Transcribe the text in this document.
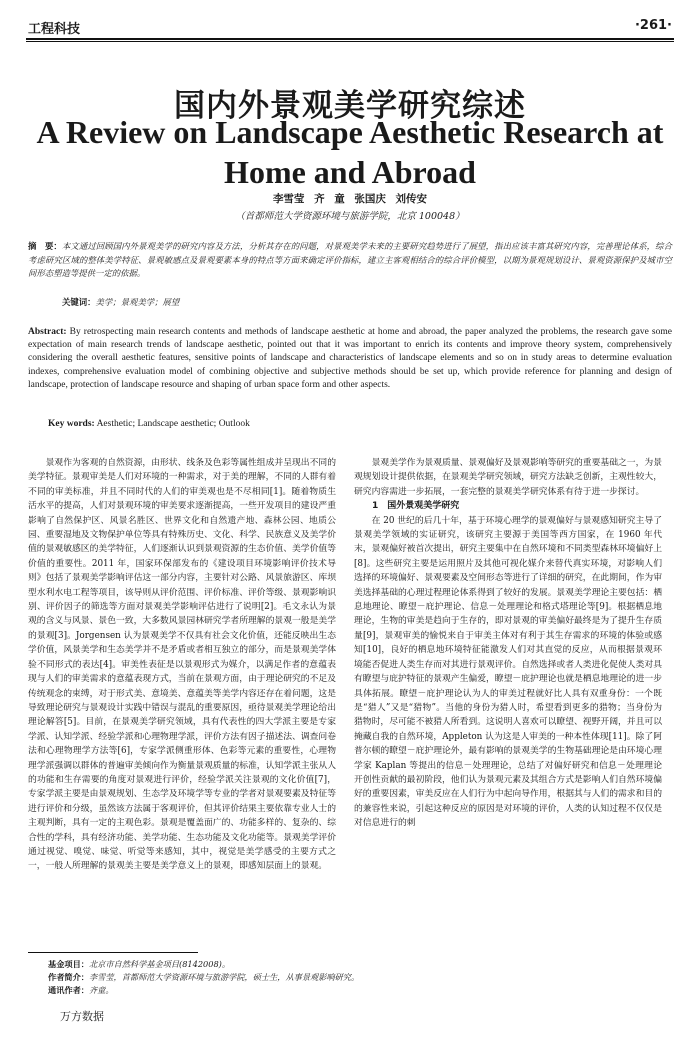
工程科技	·261·
国内外景观美学研究综述
A Review on Landscape Aesthetic Research at Home and Abroad
李雪莹 齐 童 张国庆 刘传安
（首都师范大学资源环境与旅游学院，北京 100048）
摘　要：本文通过回顾国内外景观美学的研究内容及方法，分析其存在的问题，对景观美学未来的主要研究趋势进行了展望，指出应该丰富其研究内容，完善理论体系，综合考虑研究区域的整体美学特征、景观敏感点及景观要素本身的特点等方面来确定评价指标，建立主客观相结合的综合评价模型，以期为景观规划设计、景观资源保护及城市空间形态塑造等提供一定的依据。
关键词：美学；景观美学；展望
Abstract: By retrospecting main research contents and methods of landscape aesthetic at home and abroad, the paper analyzed the problems, the research gave some expectation of main research trends of landscape aesthetic, pointed out that it was important to enrich its contents and improve theory system, comprehensively considering the overall aesthetic features, sensitive points of landscape and characteristics of landscape elements and so on in study areas to determine evaluation indexes, comprehensive evaluation model of combining objective and subjective methods should be set up, which provide reference for planning and design of landscape, protection of landscape resource and shaping of urban space form and other aspects.
Key words: Aesthetic; Landscape aesthetic; Outlook

景观作为客观的自然资源，由形状、线条及色彩等属性组成并呈现出不同的美学特征。景观审美是人们对环境的一种需求，对于美的理解，不同的人群有着不同的审美标准，并且不同时代的人们的审美观也是不尽相同[1]。随着物质生活水平的提高，人们对景观环境的审美要求逐渐提高，一些开发项目的建设严重影响了自然保护区、风景名胜区、世界文化和自然遗产地、森林公园、地质公园、重要湿地及文物保护单位等具有特殊历史、文化、科学、民族意义及美学价值的景观敏感区的美学特征，人们逐渐认识到景观资源的生态价值、美学价值等价值的重要性。2011 年，国家环保部发布的《建设项目环境影响评价技术导则》包括了景观美学影响评估这一部分内容，主要针对公路、风景旅游区、库坝型水利水电工程等项目，该导则从评价范围、评价标准、评价等级、景观影响识别、评价因子的筛选等方面对景观美学影响评估进行了说明[2]。毛文永认为景观的含义与风景、景色一致，大多数风景园林研究学者所理解的景观一般是美学的景观[3]。Jorgensen 认为景观美学不仅具有社会文化价值，还能反映出生态学价值，风景美学和生态美学并不是矛盾或者相互独立的部分，而是景观美学体验不同形式的表达[4]。审美性表征是以景观形式为媒介，以满足作者的意蕴表现与人们的审美需求的意蕴表现方式，当前在景观方面，由于理论研究的不足及传统观念的束缚，对于形式美、意境美、意蕴美等美学内容还存在着问题，这是导致理论研究与景观设计实践中错误与混乱的重要原因，亟待景观美学理论给出理论解答[5]。目前，在景观美学研究领域，具有代表性的四大学派主要是专家学派、认知学派、经验学派和心理物理学派，评价方法有因子描述法、调查问卷法和心理物理学方法等[6]，专家学派侧重形体、色彩等元素的重要性，心理物理学派强调以群体的普遍审美倾向作为衡量景观质量的标准，认知学派主张从人的功能和生存需要的角度对景观进行评价，经验学派关注景观的文化价值[7]，专家学派主要是由景观规划、生态学及环境学等专业的学者对景观要素及特征等进行评价和分级，虽然该方法属于客观评价，但其评价结果主要依靠专业人士的主观判断，具有一定的主观色彩。景观是覆盖面广的、功能多样的、复杂的、综合性的学科，具有经济功能、美学功能、生态功能及文化功能等。景观美学评价通过视觉、嗅觉、味觉、听觉等来感知，其中，视觉是美学感受的主要方式之一，一般人所理解的景观美主要是美学意义上的景观，即感知层面上的景观。

景观美学作为景观质量、景观偏好及景观影响等研究的重要基础之一，为景观规划设计提供依据，在景观美学研究领域，研究方法缺乏创新，主观性较大，研究内容需进一步拓展，一套完整的景观美学研究体系有待于进一步探讨。

1　国外景观美学研究

在 20 世纪的后几十年，基于环境心理学的景观偏好与景观感知研究主导了景观美学领域的实证研究，该研究主要源于美国等西方国家，在 1960 年代末，景观偏好被首次提出，研究主要集中在自然环境和不同类型森林环境偏好上[8]。这些研究主要是运用照片及其他可视化媒介来替代真实环境，对影响人们选择的环境偏好、景观要素及空间形态等进行了详细的研究，在此期间，作为审美选择基础的心理过程理论体系得到了较好的发展。景观美学理论主要包括：栖息地理论、瞭望－庇护理论、信息－处理理论和格式塔理论等[9]。根据栖息地理论，生物的审美是趋向于生存的，即对景观的审美偏好最终是为了提升生存质量[9]，景观审美的愉悦来自于审美主体对有利于其生存需求的环境的体验或感知[10]，良好的栖息地环境特征能激发人们对其直觉的反应，从而根据景观环境能否促进人类生存而对其进行景观评价。自然选择或者人类进化促使人类对具有瞭望与庇护特征的景观产生偏爱，瞭望－庇护理论也就是栖息地理论的进一步具体拓展。瞭望－庇护理论认为人的审美过程就好比人具有双重身份：一个既是“猎人”又是“猎物”。当他的身份为猎人时，希望看到更多的猎物；当身份为猎物时，尽可能不被猎人所看到。这说明人喜欢可以瞭望、视野开阔，并且可以掩藏自我的自然环境，Appleton 认为这是人审美的一种本性体现[11]。除了阿普尔顿的瞭望－庇护理论外，最有影响的景观美学的生物基础理论是由环境心理学家 Kaplan 等提出的信息－处理理论，总结了对偏好研究和信息－处理理论开创性贡献的最初阶段，他们认为景观元素及其组合方式是影响人们自然环境偏好的重要因素，审美反应在人们行为中起向导作用，根据其与人们的需求和目的的兼容性来说，引起这种反应的原因是对环境的评价，人类的认知过程不仅仅是对信息进行的刺

基金项目：北京市自然科学基金项目(8142008)。
作者简介：李雪莹，首都师范大学资源环境与旅游学院，硕士生，从事景观影响研究。
通讯作者：齐童。
万方数据
